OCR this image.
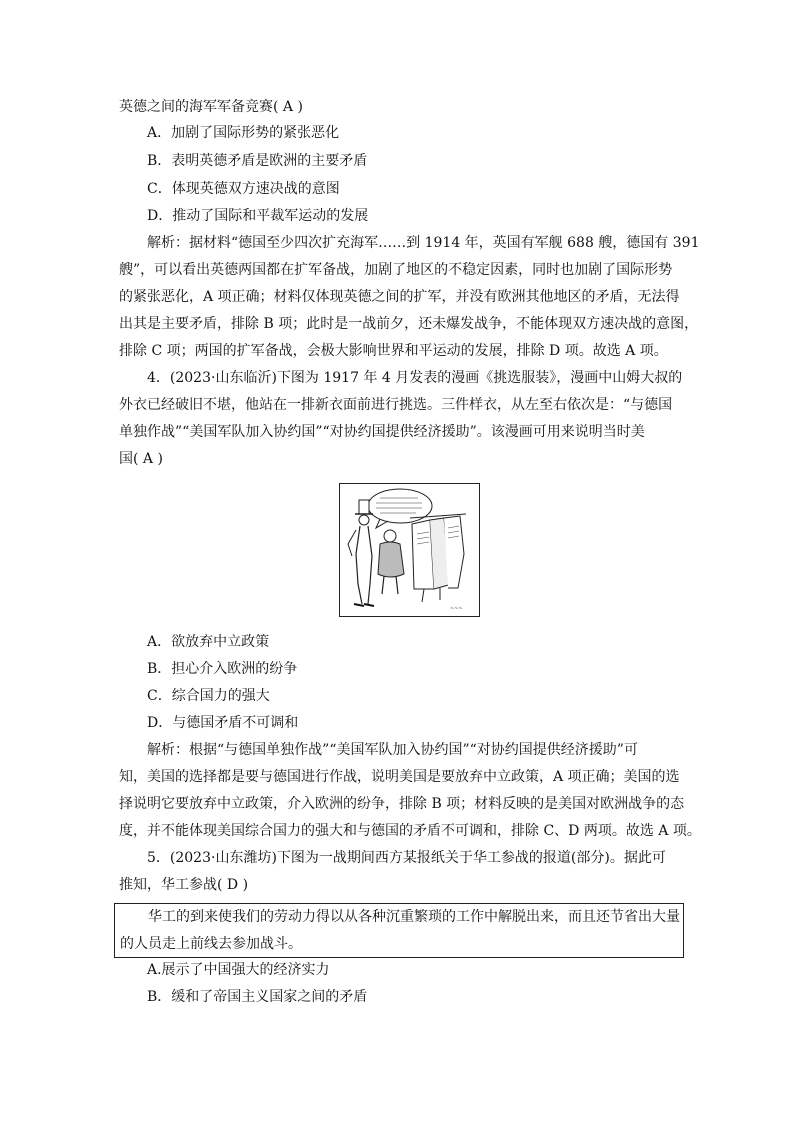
英德之间的海军军备竞赛( A )
A．加剧了国际形势的紧张恶化
B．表明英德矛盾是欧洲的主要矛盾
C．体现英德双方速决战的意图
D．推动了国际和平裁军运动的发展
解析：据材料“德国至少四次扩充海军……到 1914 年，英国有军舰 688 艘，德国有 391
艘”，可以看出英德两国都在扩军备战，加剧了地区的不稳定因素，同时也加剧了国际形势
的紧张恶化，A 项正确；材料仅体现英德之间的扩军，并没有欧洲其他地区的矛盾，无法得
出其是主要矛盾，排除 B 项；此时是一战前夕，还未爆发战争，不能体现双方速决战的意图，
排除 C 项；两国的扩军备战，会极大影响世界和平运动的发展，排除 D 项。故选 A 项。
4．(2023·山东临沂)下图为 1917 年 4 月发表的漫画《挑选服装》，漫画中山姆大叔的
外衣已经破旧不堪，他站在一排新衣面前进行挑选。三件样衣，从左至右依次是：“与德国
单独作战”“美国军队加入协约国”“对协约国提供经济援助”。该漫画可用来说明当时美
国( A )
~~~
A．欲放弃中立政策
B．担心介入欧洲的纷争
C．综合国力的强大
D．与德国矛盾不可调和
解析：根据“与德国单独作战”“美国军队加入协约国”“对协约国提供经济援助”可
知，美国的选择都是要与德国进行作战，说明美国是要放弃中立政策，A 项正确；美国的选
择说明它要放弃中立政策，介入欧洲的纷争，排除 B 项；材料反映的是美国对欧洲战争的态
度，并不能体现美国综合国力的强大和与德国的矛盾不可调和，排除 C、D 两项。故选 A 项。
5．(2023·山东潍坊)下图为一战期间西方某报纸关于华工参战的报道(部分)。据此可
推知，华工参战( D )
华工的到来使我们的劳动力得以从各种沉重繁琐的工作中解脱出来，而且还节省出大量
的人员走上前线去参加战斗。
A.展示了中国强大的经济实力
B．缓和了帝国主义国家之间的矛盾
